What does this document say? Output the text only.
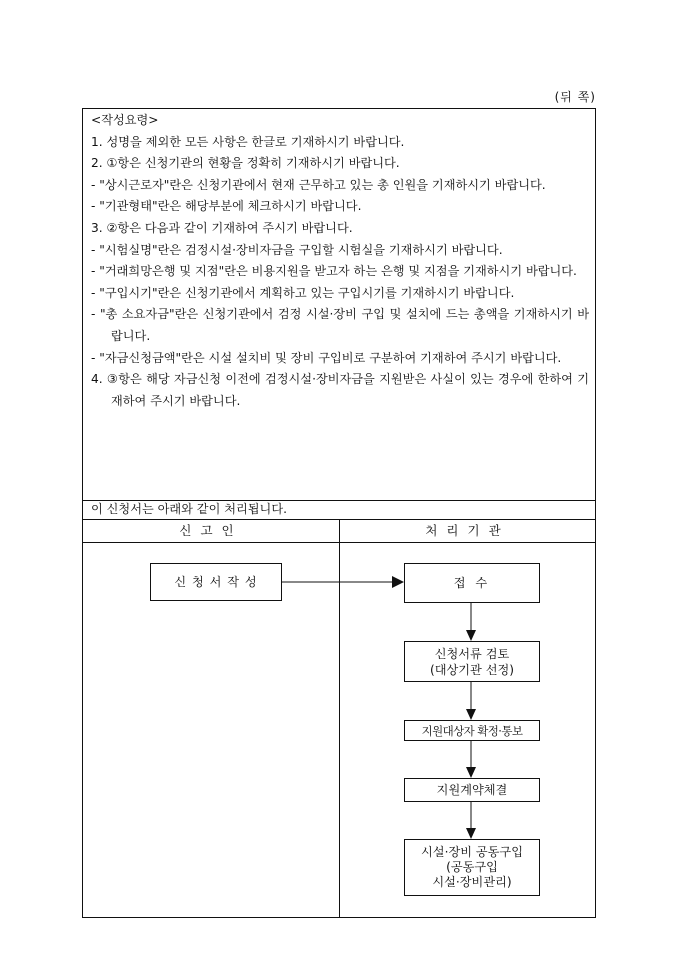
(뒤 쪽)
<작성요령>
1. 성명을 제외한 모든 사항은 한글로 기재하시기 바랍니다.
2. ①항은 신청기관의 현황을 정확히 기재하시기 바랍니다.
- "상시근로자"란은 신청기관에서 현재 근무하고 있는 총 인원을 기재하시기 바랍니다.
- "기관형태"란은 해당부분에 체크하시기 바랍니다.
3. ②항은 다음과 같이 기재하여 주시기 바랍니다.
- "시험실명"란은 검정시설·장비자금을 구입할 시험실을 기재하시기 바랍니다.
- "거래희망은행 및 지점"란은 비용지원을 받고자 하는 은행 및 지점을 기재하시기 바랍니다.
- "구입시기"란은 신청기관에서 계획하고 있는 구입시기를 기재하시기 바랍니다.
- "총 소요자금"란은 신청기관에서 검정 시설·장비 구입 및 설치에 드는 총액을 기재하시기 바랍니다.
- "자금신청금액"란은 시설 설치비 및 장비 구입비로 구분하여 기재하여 주시기 바랍니다.
4. ③항은 해당 자금신청 이전에 검정시설·장비자금을 지원받은 사실이 있는 경우에 한하여 기재하여 주시기 바랍니다.
이 신청서는 아래와 같이 처리됩니다.
신고인	처리기관
신 청 서 작 성	접 수
신청서류 검토
(대상기관 선정)
지원대상자 확정·통보
지원계약체결
시설·장비 공동구입
(공동구입
시설·장비관리)
